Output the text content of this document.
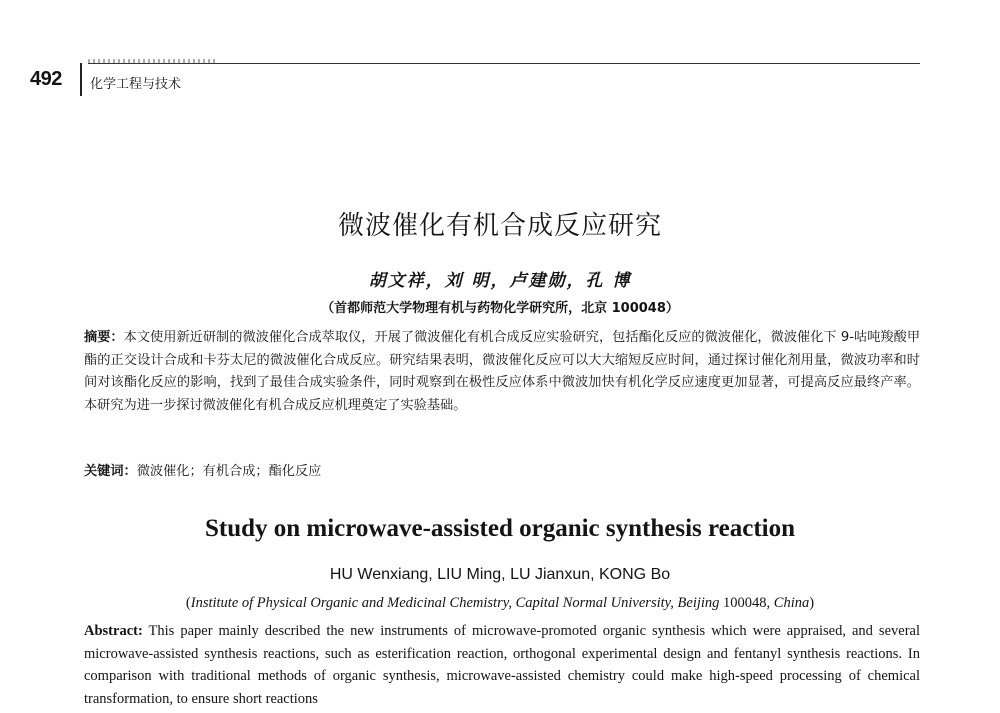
492 化学工程与技术
微波催化有机合成反应研究
胡文祥，刘 明，卢建勋，孔 博
（首都师范大学物理有机与药物化学研究所，北京 100048）
摘要：本文使用新近研制的微波催化合成萃取仪，开展了微波催化有机合成反应实验研究，包括酯化反应的微波催化，微波催化下 9-咕吨羧酸甲酯的正交设计合成和卡芬太尼的微波催化合成反应。研究结果表明，微波催化反应可以大大缩短反应时间，通过探讨催化剂用量，微波功率和时间对该酯化反应的影响，找到了最佳合成实验条件，同时观察到在极性反应体系中微波加快有机化学反应速度更加显著，可提高反应最终产率。本研究为进一步探讨微波催化有机合成反应机理奠定了实验基础。
关键词：微波催化；有机合成；酯化反应
Study on microwave-assisted organic synthesis reaction
HU Wenxiang, LIU Ming, LU Jianxun, KONG Bo
(Institute of Physical Organic and Medicinal Chemistry, Capital Normal University, Beijing 100048, China)
Abstract: This paper mainly described the new instruments of microwave-promoted organic synthesis which were appraised, and several microwave-assisted synthesis reactions, such as esterification reaction, orthogonal experimental design and fentanyl synthesis reactions. In comparison with traditional methods of organic synthesis, microwave-assisted chemistry could make high-speed processing of chemical transformation, to ensure short reactions
